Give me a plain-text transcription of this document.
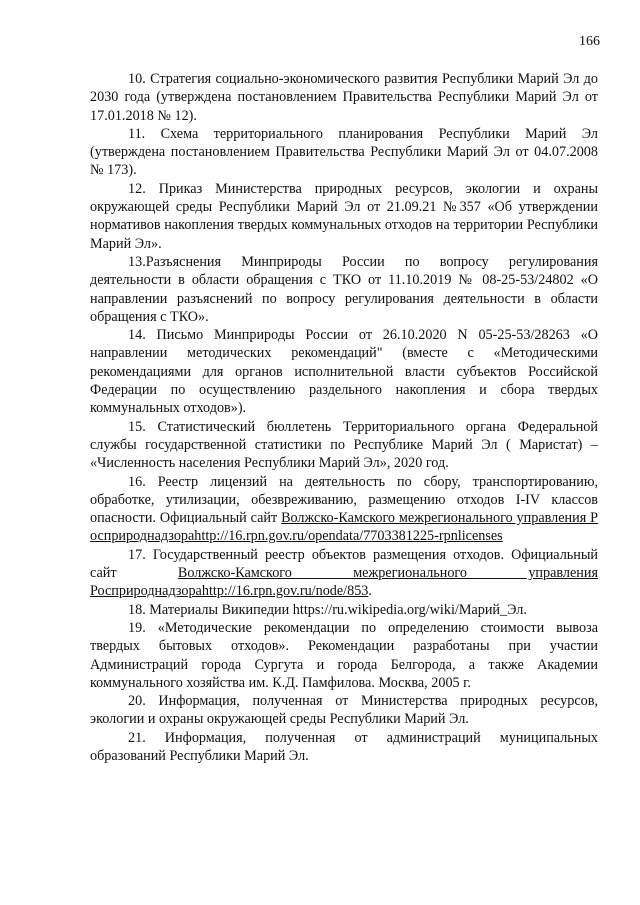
166

10. Стратегия социально-экономического развития Республики Марий Эл до 2030 года (утверждена постановлением Правительства Республики Марий Эл от 17.01.2018 № 12).

11. Схема территориального планирования Республики Марий Эл (утверждена постановлением Правительства Республики Марий Эл от 04.07.2008 № 173).

12. Приказ Министерства природных ресурсов, экологии и охраны окружающей среды Республики Марий Эл от 21.09.21 №357 «Об утверждении нормативов накопления твердых коммунальных отходов на территории Республики Марий Эл».

13.Разъяснения Минприроды России по вопросу регулирования деятельности в области обращения с ТКО от 11.10.2019 № 08-25-53/24802 «О направлении разъяснений по вопросу регулирования деятельности в области обращения с ТКО».

14. Письмо Минприроды России от 26.10.2020 N 05-25-53/28263 «О направлении методических рекомендаций" (вместе с «Методическими рекомендациями для органов исполнительной власти субъектов Российской Федерации по осуществлению раздельного накопления и сбора твердых коммунальных отходов»).

15. Статистический бюллетень Территориального органа Федеральной службы государственной статистики по Республике Марий Эл ( Маристат) – «Численность населения Республики Марий Эл», 2020 год.

16. Реестр лицензий на деятельность по сбору, транспортированию, обработке, утилизации, обезвреживанию, размещению отходов I-IV классов опасности. Официальный сайт Волжско-Камского межрегионального управления Росприроднадзораhttp://16.rpn.gov.ru/opendata/7703381225-rpnlicenses

17. Государственный реестр объектов размещения отходов. Официальный сайт Волжско-Камского межрегионального управления Росприроднадзораhttp://16.rpn.gov.ru/node/853.

18. Материалы Википедии https://ru.wikipedia.org/wiki/Марий_Эл.

19. «Методические рекомендации по определению стоимости вывоза твердых бытовых отходов». Рекомендации разработаны при участии Администраций города Сургута и города Белгорода, а также Академии коммунального хозяйства им. К.Д. Памфилова. Москва, 2005 г.

20. Информация, полученная от Министерства природных ресурсов, экологии и охраны окружающей среды Республики Марий Эл.

21. Информация, полученная от администраций муниципальных образований Республики Марий Эл.
